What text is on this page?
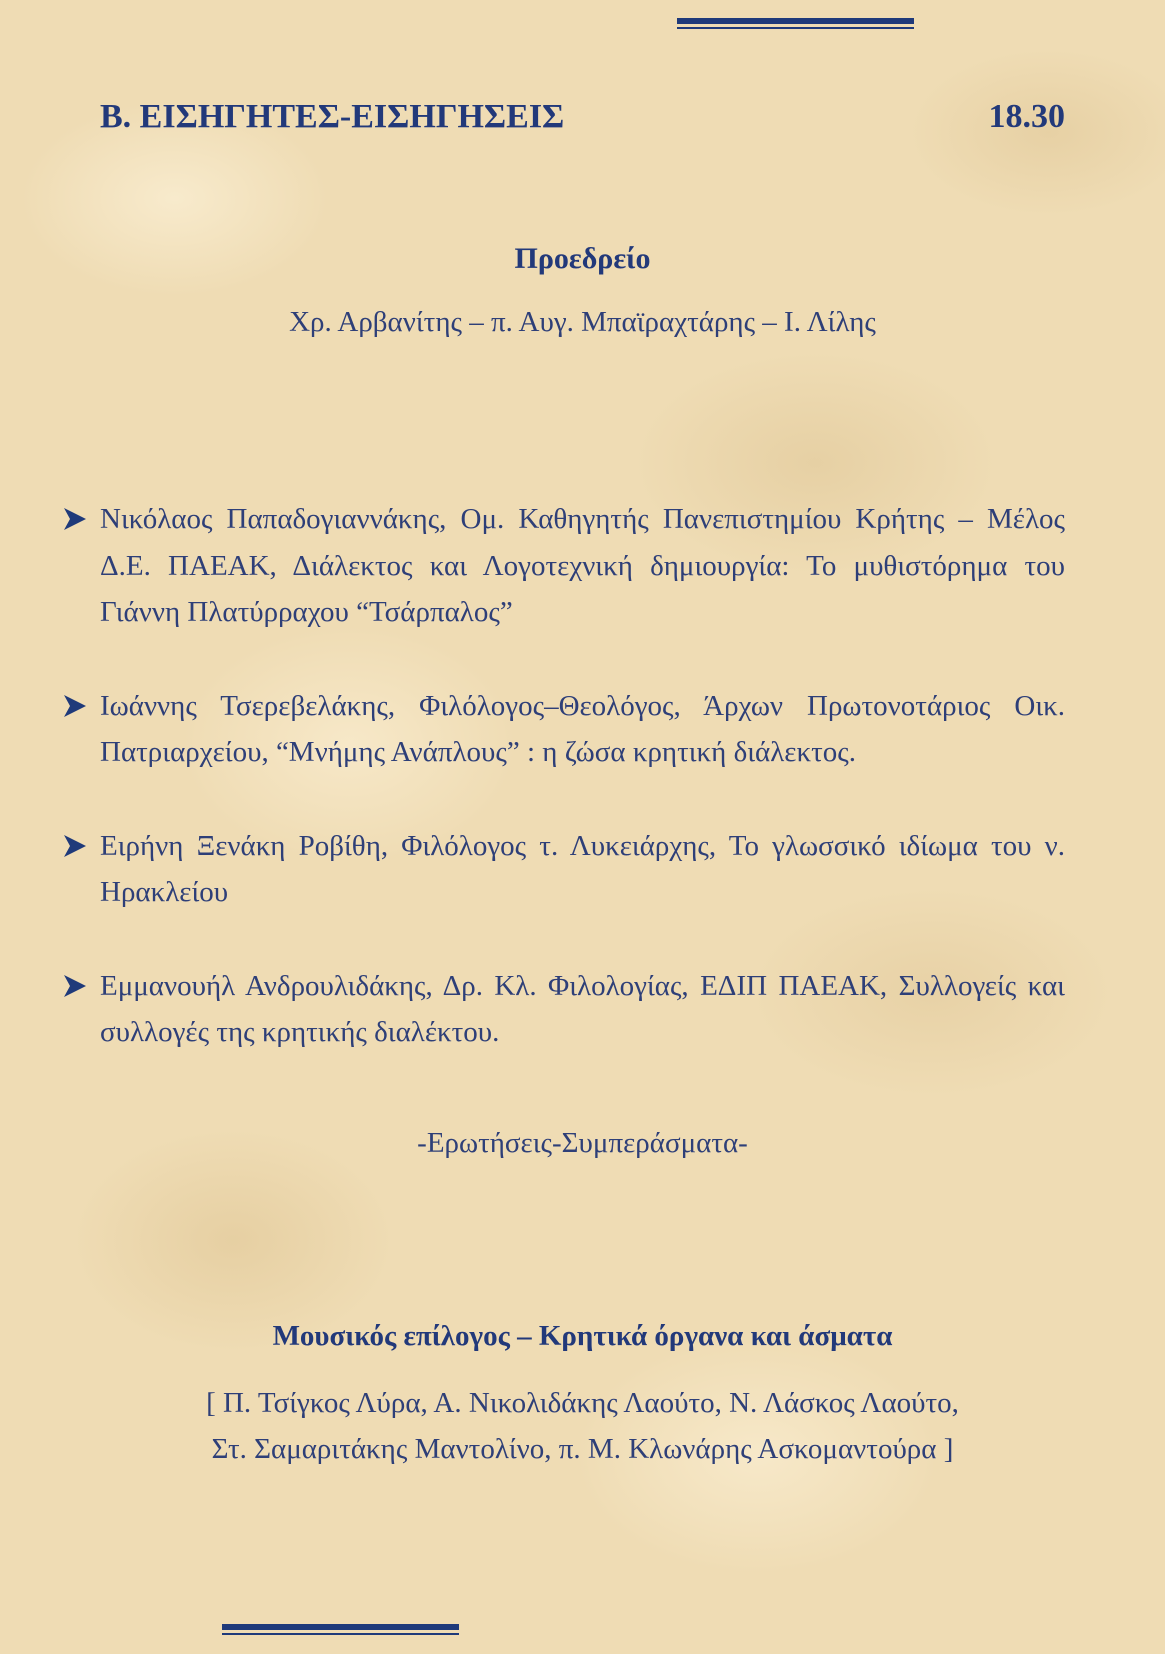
Β. ΕΙΣΗΓΗΤΕΣ-ΕΙΣΗΓΗΣΕΙΣ	18.30
Προεδρείο
Χρ. Αρβανίτης – π. Αυγ. Μπαϊραχτάρης – Ι. Λίλης
Νικόλαος Παπαδογιαννάκης, Ομ. Καθηγητής Πανεπιστημίου Κρήτης – Μέλος Δ.Ε. ΠΑΕΑΚ, Διάλεκτος και Λογοτεχνική δημιουργία: Το μυθιστόρημα του Γιάννη Πλατύρραχου “Τσάρπαλος”
Ιωάννης Τσερεβελάκης, Φιλόλογος–Θεολόγος, Άρχων Πρωτονοτάριος Οικ. Πατριαρχείου, “Μνήμης Ανάπλους” : η ζώσα κρητική διάλεκτος.
Ειρήνη Ξενάκη Ροβίθη, Φιλόλογος τ. Λυκειάρχης, Το γλωσσικό ιδίωμα του ν. Ηρακλείου
Εμμανουήλ Ανδρουλιδάκης, Δρ. Κλ. Φιλολογίας, ΕΔΙΠ ΠΑΕΑΚ, Συλλογείς και συλλογές της κρητικής διαλέκτου.
-Ερωτήσεις-Συμπεράσματα-
Μουσικός επίλογος – Κρητικά όργανα και άσματα
[ Π. Τσίγκος Λύρα, Α. Νικολιδάκης Λαούτο, Ν. Λάσκος Λαούτο,
Στ. Σαμαριτάκης Μαντολίνο, π. Μ. Κλωνάρης Ασκομαντούρα ]
